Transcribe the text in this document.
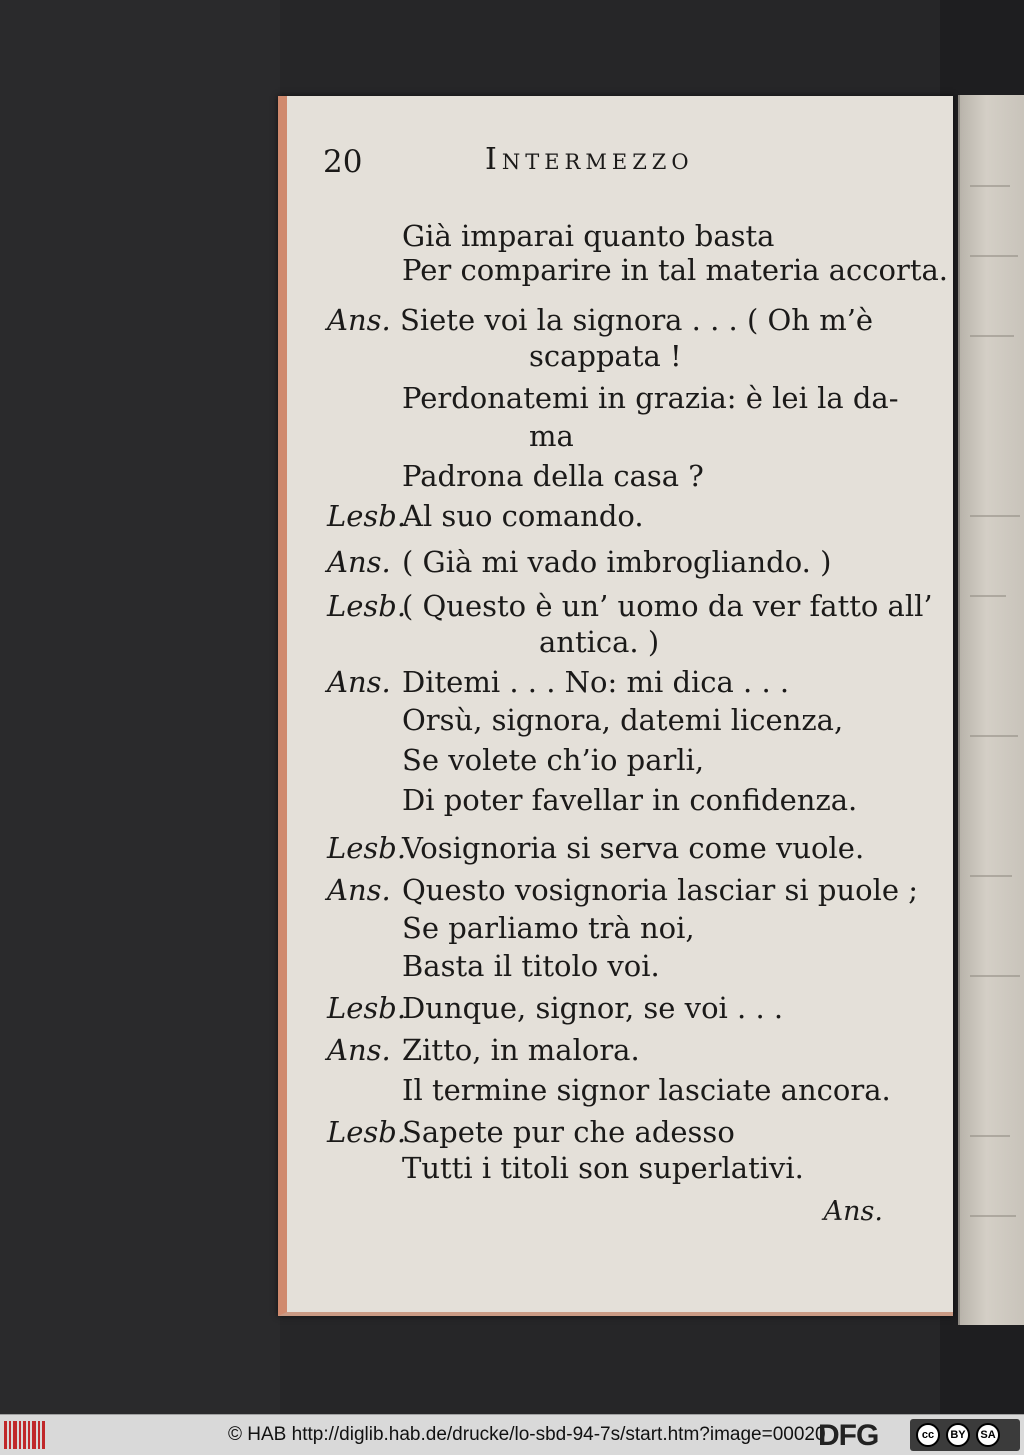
20	Intermezzo
Già imparai quanto basta
Per comparire in tal materia accorta.
Ans. Siete voi la signora . . . ( Oh m’è
scappata !
Perdonatemi in grazia: è lei la da-
ma
Padrona della casa ?
Lesb.
Al suo comando.
Ans. ( Già mi vado imbrogliando. )
Lesb.
( Questo è un’ uomo da ver fatto all’
antica. )
Ans. Ditemi . . . No: mi dica . . .
Orsù, signora, datemi licenza,
Se volete ch’io parli,
Di poter favellar in confidenza.
Lesb.
Vosignoria si serva come vuole.
Ans. Questo vosignoria lasciar si puole ;
Se parliamo trà noi,
Basta il titolo voi.
Lesb.
Dunque, signor, se voi . . .
Ans. Zitto, in malora.
Il termine signor lasciate ancora.
Lesb.
Sapete pur che adesso
Tutti i titoli son superlativi.
Ans.
© HAB http://diglib.hab.de/drucke/lo-sbd-94-7s/start.htm?image=00020
DFG	cc	BY	SA
